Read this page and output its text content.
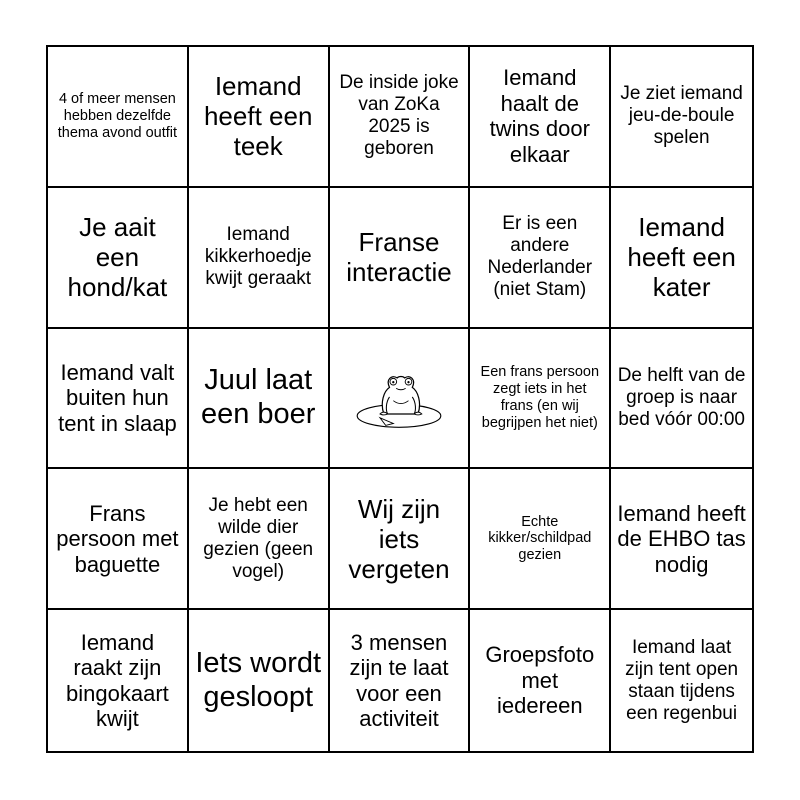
4 of meer mensen hebben dezelfde thema avond outfit
Iemand heeft een teek
De inside joke van ZoKa 2025 is geboren
Iemand haalt de twins door elkaar
Je ziet iemand jeu-de-boule spelen
Je aait een hond/kat
Iemand kikkerhoedje kwijt geraakt
Franse interactie
Er is een andere Nederlander (niet Stam)
Iemand heeft een kater
Iemand valt buiten hun tent in slaap
Juul laat een boer
Een frans persoon zegt iets in het frans (en wij begrijpen het niet)
De helft van de groep is naar bed vóór 00:00
Frans persoon met baguette
Je hebt een wilde dier gezien (geen vogel)
Wij zijn iets vergeten
Echte kikker/schildpad gezien
Iemand heeft de EHBO tas nodig
Iemand raakt zijn bingokaart kwijt
Iets wordt gesloopt
3 mensen zijn te laat voor een activiteit
Groepsfoto met iedereen
Iemand laat zijn tent open staan tijdens een regenbui
